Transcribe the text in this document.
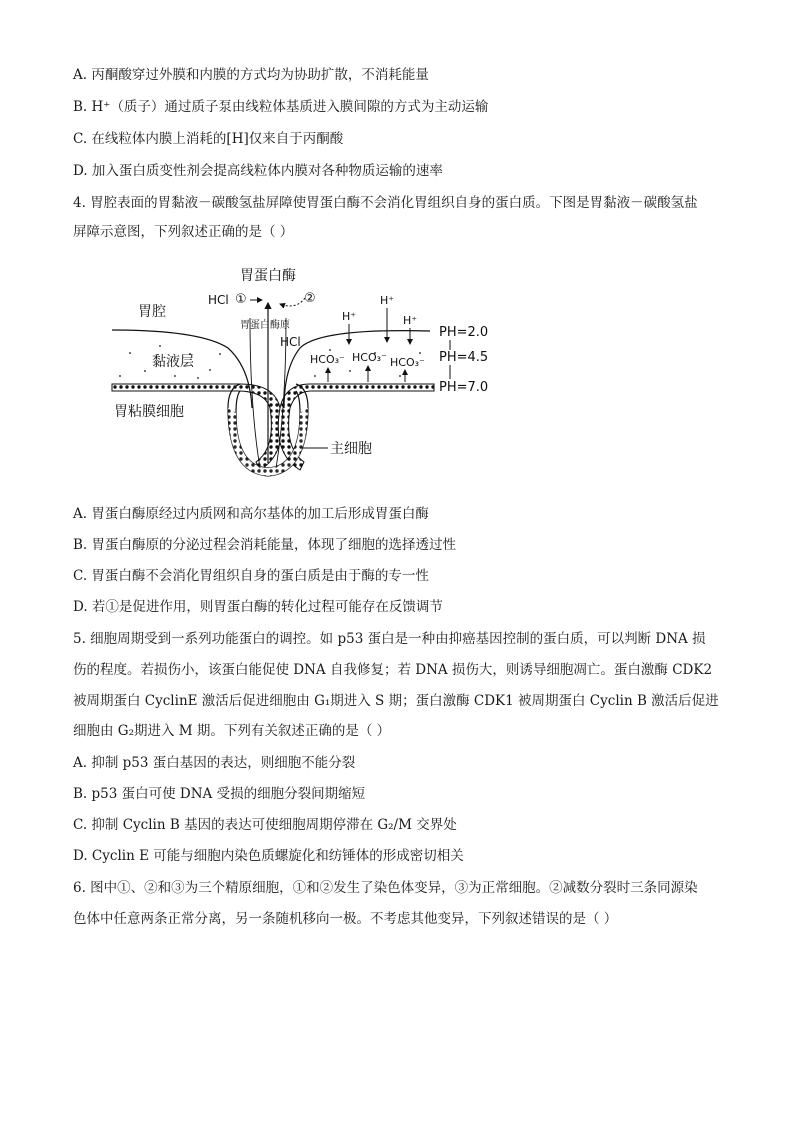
A. 丙酮酸穿过外膜和内膜的方式均为协助扩散，不消耗能量
B. H⁺（质子）通过质子泵由线粒体基质进入膜间隙的方式为主动运输
C. 在线粒体内膜上消耗的[H]仅来自于丙酮酸
D. 加入蛋白质变性剂会提高线粒体内膜对各种物质运输的速率
4. 胃腔表面的胃黏液－碳酸氢盐屏障使胃蛋白酶不会消化胃组织自身的蛋白质。下图是胃黏液－碳酸氢盐
屏障示意图，下列叙述正确的是（ ）
胃蛋白酶
HCl ①	②
胃蛋白酶原
HCl
胃腔
黏液层
胃粘膜细胞
主细胞
H⁺
H⁺
H⁺
HCO₃⁻ HCO₃⁻ HCO₃⁻
PH=2.0
PH=4.5
PH=7.0
A. 胃蛋白酶原经过内质网和高尔基体的加工后形成胃蛋白酶
B. 胃蛋白酶原的分泌过程会消耗能量，体现了细胞的选择透过性
C. 胃蛋白酶不会消化胃组织自身的蛋白质是由于酶的专一性
D. 若①是促进作用，则胃蛋白酶的转化过程可能存在反馈调节
5. 细胞周期受到一系列功能蛋白的调控。如 p53 蛋白是一种由抑癌基因控制的蛋白质，可以判断 DNA 损
伤的程度。若损伤小，该蛋白能促使 DNA 自我修复；若 DNA 损伤大，则诱导细胞凋亡。蛋白激酶 CDK2
被周期蛋白 CyclinE 激活后促进细胞由 G₁期进入 S 期；蛋白激酶 CDK1 被周期蛋白 Cyclin B 激活后促进
细胞由 G₂期进入 M 期。下列有关叙述正确的是（ ）
A. 抑制 p53 蛋白基因的表达，则细胞不能分裂
B. p53 蛋白可使 DNA 受损的细胞分裂间期缩短
C. 抑制 Cyclin B 基因的表达可使细胞周期停滞在 G₂/M 交界处
D. Cyclin E 可能与细胞内染色质螺旋化和纺锤体的形成密切相关
6. 图中①、②和③为三个精原细胞，①和②发生了染色体变异，③为正常细胞。②减数分裂时三条同源染
色体中任意两条正常分离，另一条随机移向一极。不考虑其他变异，下列叙述错误的是（ ）
